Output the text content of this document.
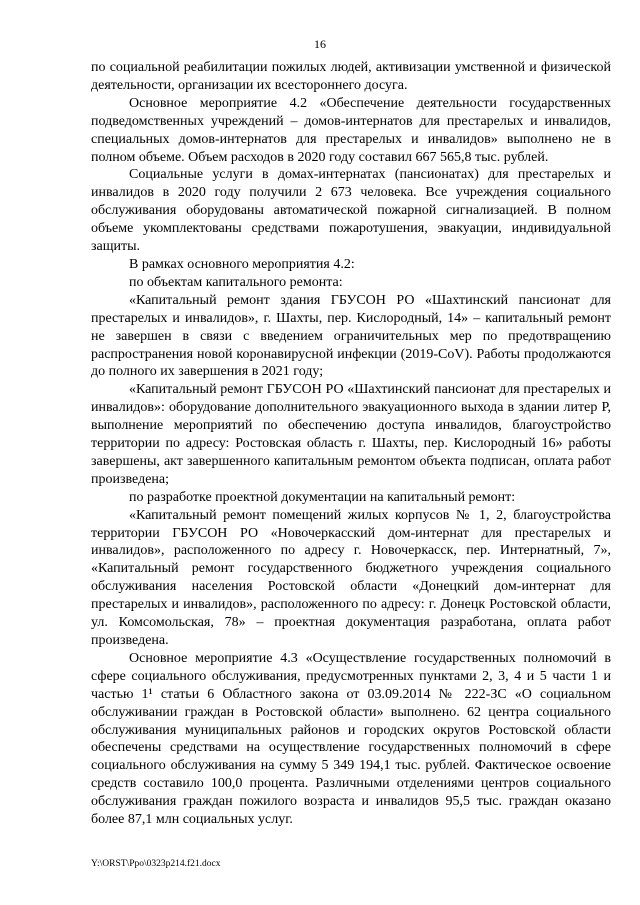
16

по социальной реабилитации пожилых людей, активизации умственной и физической деятельности, организации их всестороннего досуга.

Основное мероприятие 4.2 «Обеспечение деятельности государственных подведомственных учреждений – домов-интернатов для престарелых и инвалидов, специальных домов-интернатов для престарелых и инвалидов» выполнено не в полном объеме. Объем расходов в 2020 году составил 667 565,8 тыс. рублей.

Социальные услуги в домах-интернатах (пансионатах) для престарелых и инвалидов в 2020 году получили 2 673 человека. Все учреждения социального обслуживания оборудованы автоматической пожарной сигнализацией. В полном объеме укомплектованы средствами пожаротушения, эвакуации, индивидуальной защиты.

В рамках основного мероприятия 4.2:

по объектам капитального ремонта:

«Капитальный ремонт здания ГБУСОН РО «Шахтинский пансионат для престарелых и инвалидов», г. Шахты, пер. Кислородный, 14» – капитальный ремонт не завершен в связи с введением ограничительных мер по предотвращению распространения новой коронавирусной инфекции (2019-CoV). Работы продолжаются до полного их завершения в 2021 году;

«Капитальный ремонт ГБУСОН РО «Шахтинский пансионат для престарелых и инвалидов»: оборудование дополнительного эвакуационного выхода в здании литер Р, выполнение мероприятий по обеспечению доступа инвалидов, благоустройство территории по адресу: Ростовская область г. Шахты, пер. Кислородный 16» работы завершены, акт завершенного капитальным ремонтом объекта подписан, оплата работ произведена;

по разработке проектной документации на капитальный ремонт:

«Капитальный ремонт помещений жилых корпусов № 1, 2, благоустройства территории ГБУСОН РО «Новочеркасский дом-интернат для престарелых и инвалидов», расположенного по адресу г. Новочеркасск, пер. Интернатный, 7», «Капитальный ремонт государственного бюджетного учреждения социального обслуживания населения Ростовской области «Донецкий дом-интернат для престарелых и инвалидов», расположенного по адресу: г. Донецк Ростовской области, ул. Комсомольская, 78» – проектная документация разработана, оплата работ произведена.

Основное мероприятие 4.3 «Осуществление государственных полномочий в сфере социального обслуживания, предусмотренных пунктами 2, 3, 4 и 5 части 1 и частью 1¹ статьи 6 Областного закона от 03.09.2014 № 222-ЗС «О социальном обслуживании граждан в Ростовской области» выполнено. 62 центра социального обслуживания муниципальных районов и городских округов Ростовской области обеспечены средствами на осуществление государственных полномочий в сфере социального обслуживания на сумму 5 349 194,1 тыс. рублей. Фактическое освоение средств составило 100,0 процента. Различными отделениями центров социального обслуживания граждан пожилого возраста и инвалидов 95,5 тыс. граждан оказано более 87,1 млн социальных услуг.

Y:\ORST\Ppo\0323p214.f21.docx
